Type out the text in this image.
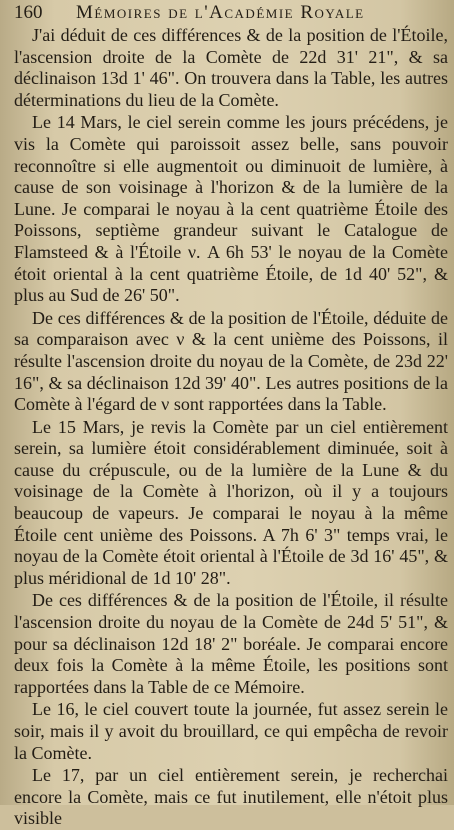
160 Mémoires de l'Académie Royale

J'ai déduit de ces différences & de la position de l'Étoile, l'ascension droite de la Comète de 22d 31' 21", & sa déclinaison 13d 1' 46". On trouvera dans la Table, les autres déterminations du lieu de la Comète.

Le 14 Mars, le ciel serein comme les jours précédens, je vis la Comète qui paroissoit assez belle, sans pouvoir reconnoître si elle augmentoit ou diminuoit de lumière, à cause de son voisinage à l'horizon & de la lumière de la Lune. Je comparai le noyau à la cent quatrième Étoile des Poissons, septième grandeur suivant le Catalogue de Flamsteed & à l'Étoile ν. A 6h 53' le noyau de la Comète étoit oriental à la cent quatrième Étoile, de 1d 40' 52", & plus au Sud de 26' 50".

De ces différences & de la position de l'Étoile, déduite de sa comparaison avec ν & la cent unième des Poissons, il résulte l'ascension droite du noyau de la Comète, de 23d 22' 16", & sa déclinaison 12d 39' 40". Les autres positions de la Comète à l'égard de ν sont rapportées dans la Table.

Le 15 Mars, je revis la Comète par un ciel entièrement serein, sa lumière étoit considérablement diminuée, soit à cause du crépuscule, ou de la lumière de la Lune & du voisinage de la Comète à l'horizon, où il y a toujours beaucoup de vapeurs. Je comparai le noyau à la même Étoile cent unième des Poissons. A 7h 6' 3" temps vrai, le noyau de la Comète étoit oriental à l'Étoile de 3d 16' 45", & plus méridional de 1d 10' 28".

De ces différences & de la position de l'Étoile, il résulte l'ascension droite du noyau de la Comète de 24d 5' 51", & pour sa déclinaison 12d 18' 2" boréale. Je comparai encore deux fois la Comète à la même Étoile, les positions sont rapportées dans la Table de ce Mémoire.

Le 16, le ciel couvert toute la journée, fut assez serein le soir, mais il y avoit du brouillard, ce qui empêcha de revoir la Comète.

Le 17, par un ciel entièrement serein, je recherchai encore la Comète, mais ce fut inutilement, elle n'étoit plus visible
